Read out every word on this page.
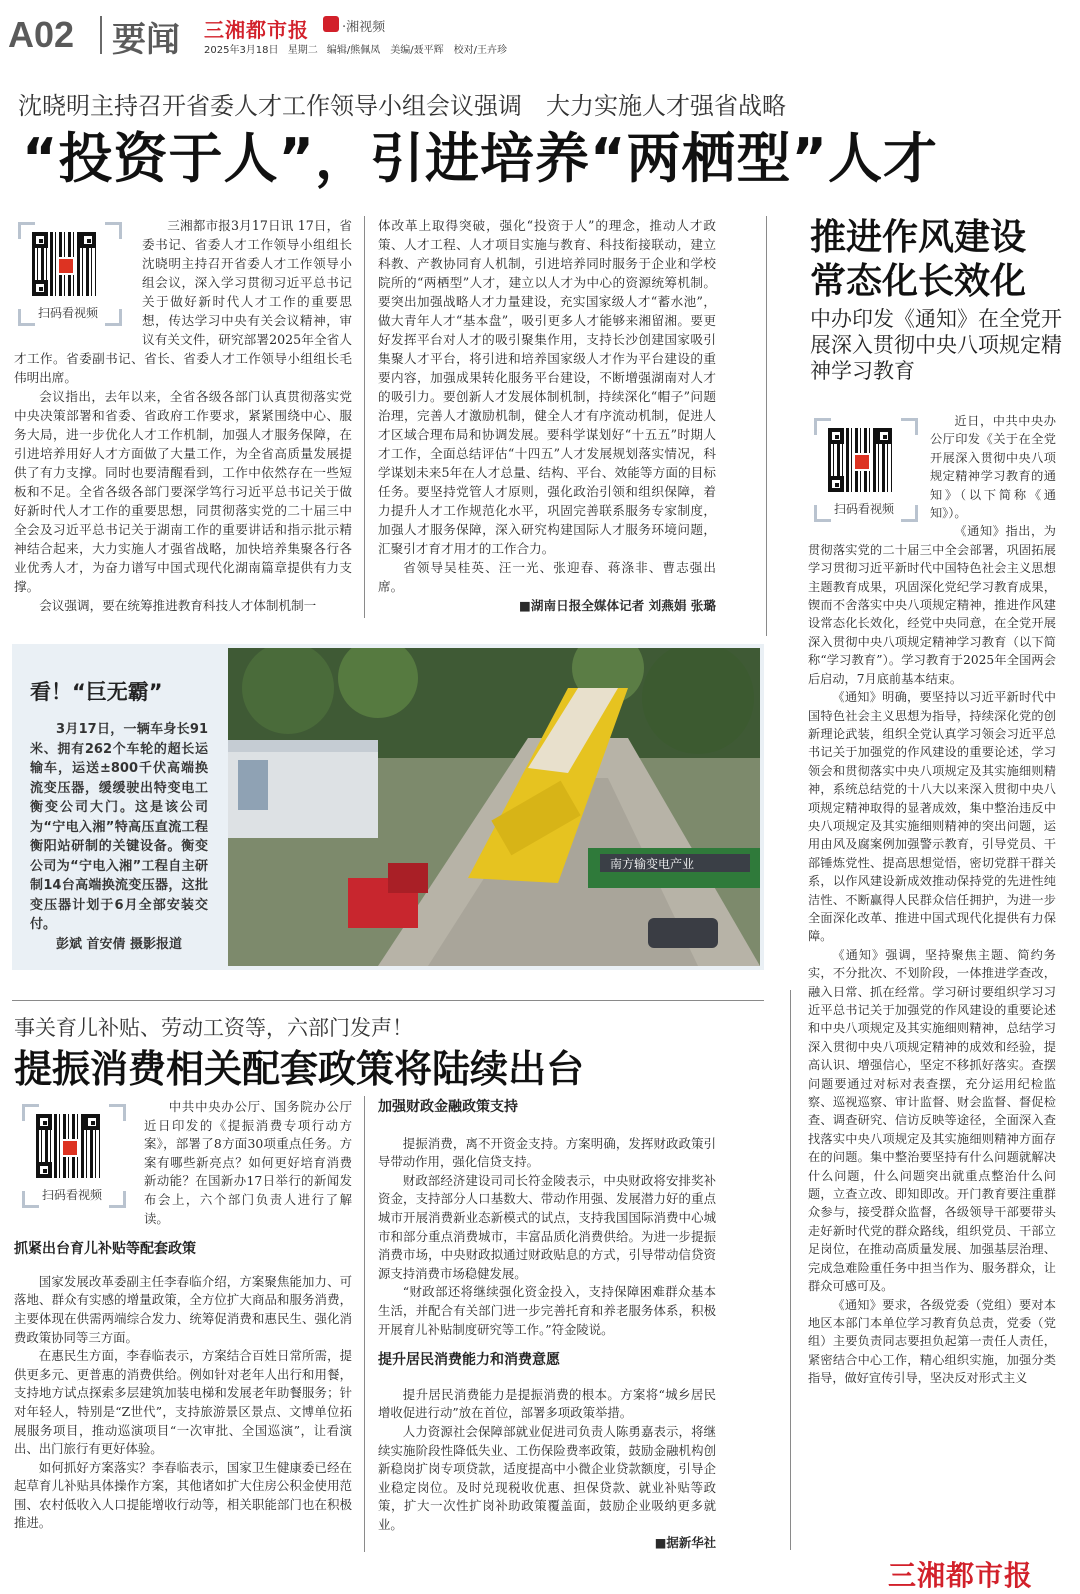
A02 要闻 三湘都市报	·湘视频
2025年3月18日 星期二 编辑/熊佩凤　美编/聂平辉　校对/王卉珍
沈晓明主持召开省委人才工作领导小组会议强调　大力实施人才强省战略
“投资于人”，引进培养“两栖型”人才
扫码看视频

三湘都市报3月17日讯 17日，省委书记、省委人才工作领导小组组长沈晓明主持召开省委人才工作领导小组会议，深入学习贯彻习近平总书记关于做好新时代人才工作的重要思想，传达学习中央有关会议精神，审议有关文件，研究部署2025年全省人才工作。省委副书记、省长、省委人才工作领导小组组长毛伟明出席。

会议指出，去年以来，全省各级各部门认真贯彻落实党中央决策部署和省委、省政府工作要求，紧紧围绕中心、服务大局，进一步优化人才工作机制，加强人才服务保障，在引进培养用好人才方面做了大量工作，为全省高质量发展提供了有力支撑。同时也要清醒看到，工作中依然存在一些短板和不足。全省各级各部门要深学笃行习近平总书记关于做好新时代人才工作的重要思想，同贯彻落实党的二十届三中全会及习近平总书记关于湖南工作的重要讲话和指示批示精神结合起来，大力实施人才强省战略，加快培养集聚各行各业优秀人才，为奋力谱写中国式现代化湖南篇章提供有力支撑。

会议强调，要在统筹推进教育科技人才体制机制一

体改革上取得突破，强化“投资于人”的理念，推动人才政策、人才工程、人才项目实施与教育、科技衔接联动，建立科教、产教协同育人机制，引进培养同时服务于企业和学校院所的“两栖型”人才，建立以人才为中心的资源统筹机制。要突出加强战略人才力量建设，充实国家级人才“蓄水池”，做大青年人才“基本盘”，吸引更多人才能够来湘留湘。要更好发挥平台对人才的吸引聚集作用，支持长沙创建国家吸引集聚人才平台，将引进和培养国家级人才作为平台建设的重要内容，加强成果转化服务平台建设，不断增强湖南对人才的吸引力。要创新人才发展体制机制，持续深化“帽子”问题治理，完善人才激励机制，健全人才有序流动机制，促进人才区域合理布局和协调发展。要科学谋划好“十五五”时期人才工作，全面总结评估“十四五”人才发展规划落实情况，科学谋划未来5年在人才总量、结构、平台、效能等方面的目标任务。要坚持党管人才原则，强化政治引领和组织保障，着力提升人才工作规范化水平，巩固完善联系服务专家制度，加强人才服务保障，深入研究构建国际人才服务环境问题，汇聚引才育才用才的工作合力。

省领导吴桂英、汪一光、张迎春、蒋涤非、曹志强出席。

■湖南日报全媒体记者 刘燕娟 张璐

看！“巨无霸”

3月17日，一辆车身长91米、拥有262个车轮的超长运输车，运送±800千伏高端换流变压器，缓缓驶出特变电工衡变公司大门。这是该公司为“宁电入湘”特高压直流工程衡阳站研制的关键设备。衡变公司为“宁电入湘”工程自主研制14台高端换流变压器，这批变压器计划于6月全部安装交付。

彭斌 首安倩 摄影报道

南方输变电产业
推进作风建设常态化长效化
中办印发《通知》在全党开展深入贯彻中央八项规定精神学习教育
扫码看视频

近日，中共中央办公厅印发《关于在全党开展深入贯彻中央八项规定精神学习教育的通知》（以下简称《通知》）。

《通知》指出，为贯彻落实党的二十届三中全会部署，巩固拓展学习贯彻习近平新时代中国特色社会主义思想主题教育成果，巩固深化党纪学习教育成果，锲而不舍落实中央八项规定精神，推进作风建设常态化长效化，经党中央同意，在全党开展深入贯彻中央八项规定精神学习教育（以下简称“学习教育”）。学习教育于2025年全国两会后启动，7月底前基本结束。

《通知》明确，要坚持以习近平新时代中国特色社会主义思想为指导，持续深化党的创新理论武装，组织全党认真学习领会习近平总书记关于加强党的作风建设的重要论述，学习领会和贯彻落实中央八项规定及其实施细则精神，系统总结党的十八大以来深入贯彻中央八项规定精神取得的显著成效，集中整治违反中央八项规定及其实施细则精神的突出问题，运用由风及腐案例加强警示教育，引导党员、干部锤炼党性、提高思想觉悟，密切党群干群关系，以作风建设新成效推动保持党的先进性纯洁性、不断赢得人民群众信任拥护，为进一步全面深化改革、推进中国式现代化提供有力保障。

《通知》强调，坚持聚焦主题、简约务实，不分批次、不划阶段，一体推进学查改，融入日常、抓在经常。学习研讨要组织学习习近平总书记关于加强党的作风建设的重要论述和中央八项规定及其实施细则精神，总结学习深入贯彻中央八项规定精神的成效和经验，提高认识、增强信心，坚定不移抓好落实。查摆问题要通过对标对表查摆，充分运用纪检监察、巡视巡察、审计监督、财会监督、督促检查、调查研究、信访反映等途径，全面深入查找落实中央八项规定及其实施细则精神方面存在的问题。集中整治要坚持有什么问题就解决什么问题，什么问题突出就重点整治什么问题，立查立改、即知即改。开门教育要注重群众参与，接受群众监督，各级领导干部要带头走好新时代党的群众路线，组织党员、干部立足岗位，在推动高质量发展、加强基层治理、完成急难险重任务中担当作为、服务群众，让群众可感可及。

《通知》要求，各级党委（党组）要对本地区本部门本单位学习教育负总责，党委（党组）主要负责同志要担负起第一责任人责任，紧密结合中心工作，精心组织实施，加强分类指导，做好宣传引导，坚决反对形式主义

事关育儿补贴、劳动工资等，六部门发声！
提振消费相关配套政策将陆续出台
扫码看视频

中共中央办公厅、国务院办公厅近日印发的《提振消费专项行动方案》，部署了8方面30项重点任务。方案有哪些新亮点？如何更好培育消费新动能？在国新办17日举行的新闻发布会上，六个部门负责人进行了解读。

抓紧出台育儿补贴等配套政策

国家发展改革委副主任李春临介绍，方案聚焦能加力、可落地、群众有实感的增量政策，全方位扩大商品和服务消费，主要体现在供需两端综合发力、统筹促消费和惠民生、强化消费政策协同等三方面。

在惠民生方面，李春临表示，方案结合百姓日常所需，提供更多元、更普惠的消费供给。例如针对老年人出行和用餐，支持地方试点探索多层建筑加装电梯和发展老年助餐服务；针对年轻人，特别是“Z世代”，支持旅游景区景点、文博单位拓展服务项目，推动巡演项目“一次审批、全国巡演”，让看演出、出门旅行有更好体验。

如何抓好方案落实？李春临表示，国家卫生健康委已经在起草育儿补贴具体操作方案，其他诸如扩大住房公积金使用范围、农村低收入人口提能增收行动等，相关职能部门也在积极推进。

加强财政金融政策支持

提振消费，离不开资金支持。方案明确，发挥财政政策引导带动作用，强化信贷支持。

财政部经济建设司司长符金陵表示，中央财政将安排奖补资金，支持部分人口基数大、带动作用强、发展潜力好的重点城市开展消费新业态新模式的试点，支持我国国际消费中心城市和部分重点消费城市，丰富品质化消费供给。为进一步提振消费市场，中央财政拟通过财政贴息的方式，引导带动信贷资源支持消费市场稳健发展。

“财政部还将继续强化资金投入，支持保障困难群众基本生活，并配合有关部门进一步完善托育和养老服务体系，积极开展育儿补贴制度研究等工作。”符金陵说。

提升居民消费能力和消费意愿

提升居民消费能力是提振消费的根本。方案将“城乡居民增收促进行动”放在首位，部署多项政策举措。

人力资源社会保障部就业促进司负责人陈勇嘉表示，将继续实施阶段性降低失业、工伤保险费率政策，鼓励金融机构创新稳岗扩岗专项贷款，适度提高中小微企业贷款额度，引导企业稳定岗位。及时兑现税收优惠、担保贷款、就业补贴等政策，扩大一次性扩岗补助政策覆盖面，鼓励企业吸纳更多就业。

■据新华社

三湘都市报
